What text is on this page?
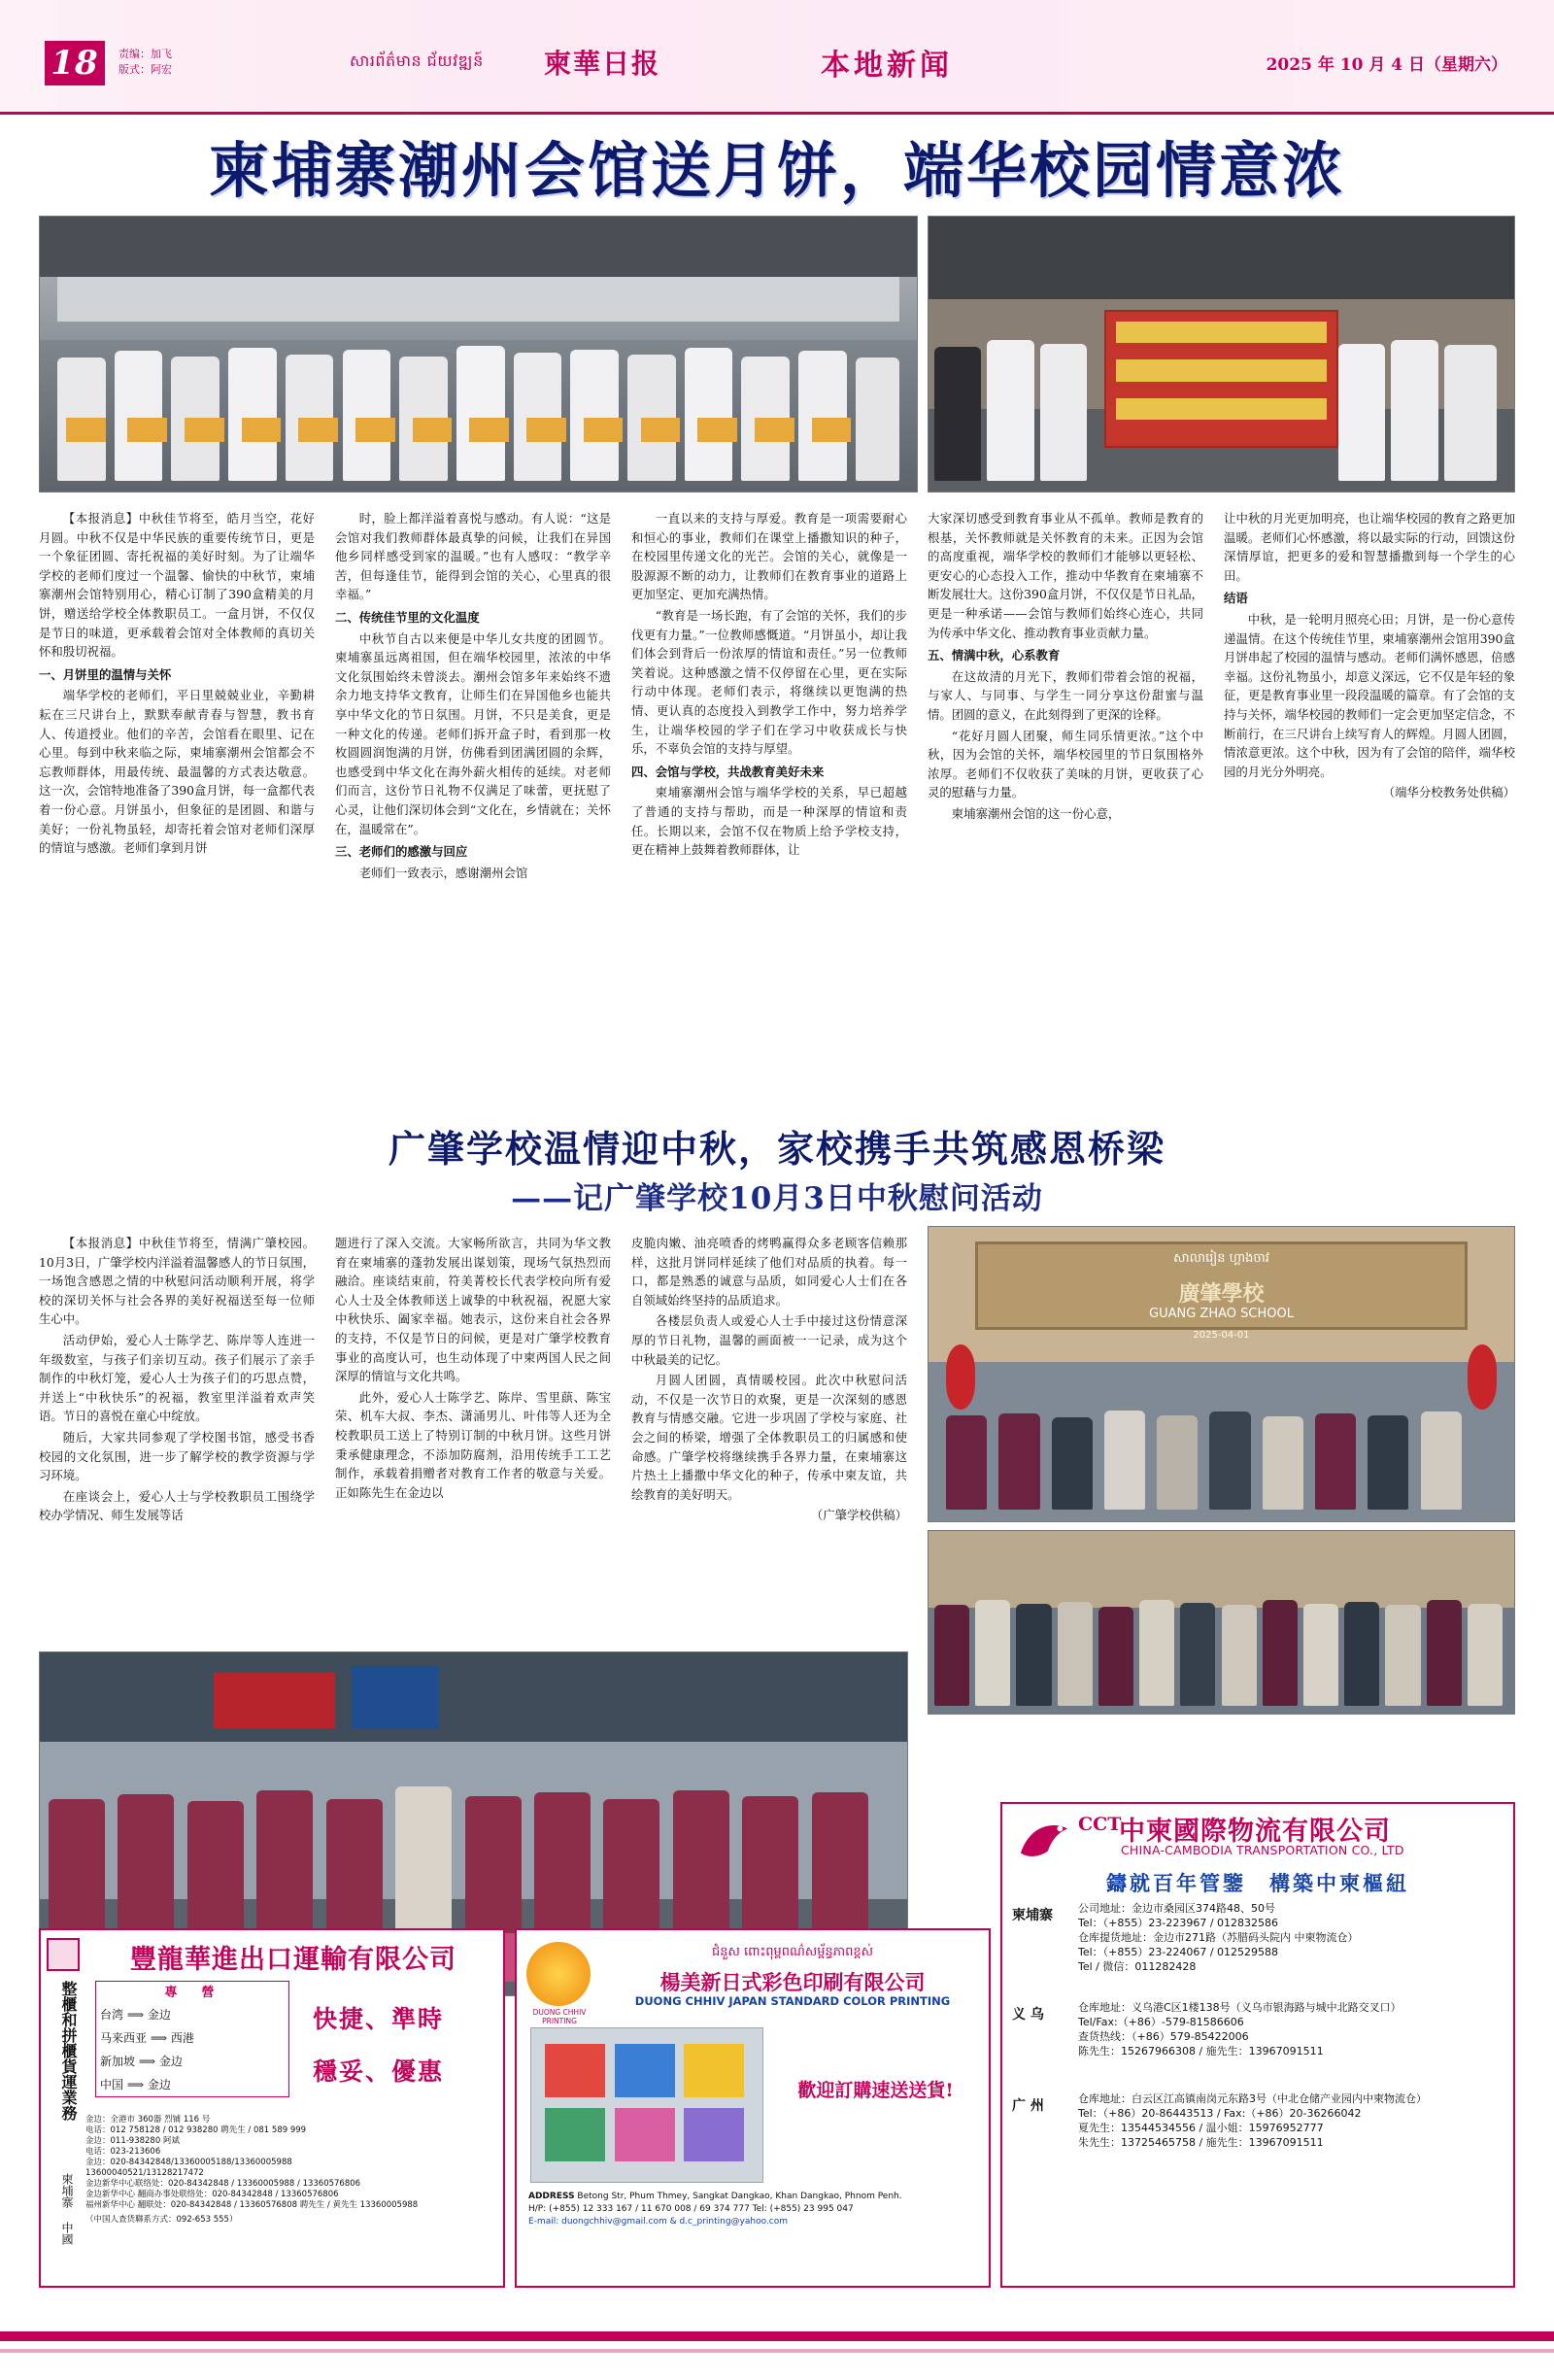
18	责编：加飞
版式：阿宏	សារព័ត៌មាន ជ័យវឌ្ឍន៍ 柬華日报	本地新闻	2025 年 10 月 4 日（星期六）
柬埔寨潮州会馆送月饼，端华校园情意浓

【本报消息】中秋佳节将至，皓月当空，花好月圆。中秋不仅是中华民族的重要传统节日，更是一个象征团圆、寄托祝福的美好时刻。为了让端华学校的老师们度过一个温馨、愉快的中秋节，柬埔寨潮州会馆特别用心，精心订制了390盒精美的月饼，赠送给学校全体教职员工。一盒月饼，不仅仅是节日的味道，更承载着会馆对全体教师的真切关怀和殷切祝福。

一、月饼里的温情与关怀

端华学校的老师们，平日里兢兢业业，辛勤耕耘在三尺讲台上，默默奉献青春与智慧，教书育人、传道授业。他们的辛苦，会馆看在眼里、记在心里。每到中秋来临之际，柬埔寨潮州会馆都会不忘教师群体，用最传统、最温馨的方式表达敬意。这一次，会馆特地准备了390盒月饼，每一盒都代表着一份心意。月饼虽小，但象征的是团圆、和谐与美好；一份礼物虽轻，却寄托着会馆对老师们深厚的情谊与感激。老师们拿到月饼

时，脸上都洋溢着喜悦与感动。有人说：“这是会馆对我们教师群体最真挚的问候，让我们在异国他乡同样感受到家的温暖。”也有人感叹：“教学辛苦，但每逢佳节，能得到会馆的关心，心里真的很幸福。”

二、传统佳节里的文化温度

中秋节自古以来便是中华儿女共度的团圆节。柬埔寨虽远离祖国，但在端华校园里，浓浓的中华文化氛围始终未曾淡去。潮州会馆多年来始终不遗余力地支持华文教育，让师生们在异国他乡也能共享中华文化的节日氛围。月饼，不只是美食，更是一种文化的传递。老师们拆开盒子时，看到那一枚枚圆圆润饱满的月饼，仿佛看到团满团圆的余辉，也感受到中华文化在海外薪火相传的延续。对老师们而言，这份节日礼物不仅满足了味蕾，更抚慰了心灵，让他们深切体会到“文化在，乡情就在；关怀在，温暖常在”。

三、老师们的感激与回应

老师们一致表示，感谢潮州会馆

一直以来的支持与厚爱。教育是一项需要耐心和恒心的事业，教师们在课堂上播撒知识的种子，在校园里传递文化的光芒。会馆的关心，就像是一股源源不断的动力，让教师们在教育事业的道路上更加坚定、更加充满热情。

“教育是一场长跑，有了会馆的关怀，我们的步伐更有力量。”一位教师感慨道。“月饼虽小，却让我们体会到背后一份浓厚的情谊和责任。”另一位教师笑着说。这种感激之情不仅停留在心里，更在实际行动中体现。老师们表示，将继续以更饱满的热情、更认真的态度投入到教学工作中，努力培养学生，让端华校园的学子们在学习中收获成长与快乐，不辜负会馆的支持与厚望。

四、会馆与学校，共战教育美好未来

柬埔寨潮州会馆与端华学校的关系，早已超越了普通的支持与帮助，而是一种深厚的情谊和责任。长期以来，会馆不仅在物质上给予学校支持，更在精神上鼓舞着教师群体，让

大家深切感受到教育事业从不孤单。教师是教育的根基，关怀教师就是关怀教育的未来。正因为会馆的高度重视，端华学校的教师们才能够以更轻松、更安心的心态投入工作，推动中华教育在柬埔寨不断发展壮大。这份390盒月饼，不仅仅是节日礼品，更是一种承诺——会馆与教师们始终心连心，共同为传承中华文化、推动教育事业贡献力量。

五、情满中秋，心系教育

在这故清的月光下，教师们带着会馆的祝福，与家人、与同事、与学生一同分享这份甜蜜与温情。团圆的意义，在此刻得到了更深的诠释。

“花好月圆人团聚，师生同乐情更浓。”这个中秋，因为会馆的关怀，端华校园里的节日氛围格外浓厚。老师们不仅收获了美味的月饼，更收获了心灵的慰藉与力量。

柬埔寨潮州会馆的这一份心意，

让中秋的月光更加明亮，也让端华校园的教育之路更加温暖。老师们心怀感激，将以最实际的行动，回馈这份深情厚谊，把更多的爱和智慧播撒到每一个学生的心田。

结语

中秋，是一轮明月照亮心田；月饼，是一份心意传递温情。在这个传统佳节里，柬埔寨潮州会馆用390盒月饼串起了校园的温情与感动。老师们满怀感恩，倍感幸福。这份礼物虽小，却意义深远，它不仅是年轻的象征，更是教育事业里一段段温暖的篇章。有了会馆的支持与关怀，端华校园的教师们一定会更加坚定信念，不断前行，在三尺讲台上续写育人的辉煌。月圆人团圆，情浓意更浓。这个中秋，因为有了会馆的陪伴，端华校园的月光分外明亮。

（端华分校教务处供稿）

广肇学校温情迎中秋，家校携手共筑感恩桥梁
——记广肇学校10月3日中秋慰问活动

【本报消息】中秋佳节将至，情满广肇校园。10月3日，广肇学校内洋溢着温馨感人的节日氛围，一场饱含感恩之情的中秋慰问活动顺利开展，将学校的深切关怀与社会各界的美好祝福送至每一位师生心中。

活动伊始，爱心人士陈学艺、陈岸等人连进一年级数室，与孩子们亲切互动。孩子们展示了亲手制作的中秋灯笼，爱心人士为孩子们的巧思点赞，并送上“中秋快乐”的祝福，教室里洋溢着欢声笑语。节日的喜悦在童心中绽放。

随后，大家共同参观了学校图书馆，感受书香校园的文化氛围，进一步了解学校的教学资源与学习环境。

在座谈会上，爱心人士与学校教职员工围绕学校办学情况、师生发展等话

题进行了深入交流。大家畅所欲言，共同为华文教育在柬埔寨的蓬勃发展出谋划策，现场气氛热烈而融洽。座谈结束前，符美菁校长代表学校向所有爱心人士及全体教师送上诚挚的中秋祝福，祝愿大家中秋快乐、阖家幸福。她表示，这份来自社会各界的支持，不仅是节日的问候，更是对广肇学校教育事业的高度认可，也生动体现了中柬两国人民之间深厚的情谊与文化共鸣。

此外，爱心人士陈学艺、陈岸、雪里蕻、陈宝荣、机车大叔、李杰、潇涌男儿、叶伟等人还为全校教职员工送上了特别订制的中秋月饼。这些月饼秉承健康理念，不添加防腐剂，沿用传统手工工艺制作，承载着捐赠者对教育工作者的敬意与关爱。正如陈先生在金边以

皮脆肉嫩、油亮喷香的烤鸭赢得众多老顾客信赖那样，这批月饼同样延续了他们对品质的执着。每一口，都是熟悉的诚意与品质，如同爱心人士们在各自领域始终坚持的品质追求。

各楼层负责人或爱心人士手中接过这份情意深厚的节日礼物，温馨的画面被一一记录，成为这个中秋最美的记忆。

月圆人团圆，真情暖校园。此次中秋慰问活动，不仅是一次节日的欢聚，更是一次深刻的感恩教育与情感交融。它进一步巩固了学校与家庭、社会之间的桥梁，增强了全体教职员工的归属感和使命感。广肇学校将继续携手各界力量，在柬埔寨这片热土上播撒中华文化的种子，传承中柬友谊，共绘教育的美好明天。

（广肇学校供稿）

សាលារៀន ហ្គាងចាវ
廣肇學校
GUANG ZHAO SCHOOL
2025-04-01
CCT
中柬國際物流有限公司
CHINA-CAMBODIA TRANSPORTATION CO., LTD
鑄就百年管鑒　構築中柬樞紐
柬埔寨	公司地址：金边市桑园区374路48、50号
Tel：（+855）23-223967 / 012832586
仓库提货地址：金边市271路（苏腊码头院内 中柬物流仓）
Tel：（+855）23-224067 / 012529588
Tel / 微信：011282428
义 乌	仓库地址：义乌港C区1楼138号（义乌市银海路与城中北路交叉口）
Tel/Fax:（+86）-579-81586606
查货热线：（+86）579-85422006
陈先生：15267966308 / 施先生：13967091511
广 州	仓库地址：白云区江高镇南岗元东路3号（中北仓储产业园内中柬物流仓）
Tel：（+86）20-86443513 / Fax:（+86）20-36266042
夏先生：13544534556 / 温小姐：15976952777
朱先生：13725465758 / 施先生：13967091511
整櫃和拼櫃貨運業務
柬埔寨 中國
豐龍華進出口運輸有限公司
專　營
台湾 ⟹ 金边
马来西亚 ⟹ 西港
新加坡 ⟹ 金边
中国 ⟹ 金边
快捷、準時
穩妥、優惠
金边：全港市 360器 烈铺 116 号
电话：012 758128 / 012 938280 聘先生 / 081 589 999
金边：011-938280 阿斌
电话：023-213606
金边：020-84342848/13360005188/13360005988
13600040521/13128217472
金边新华中心联络处：020-84342848 / 13360005988 / 13360576806
金边新华中心 翻商办事处联络处：020-84342848 / 13360576806
福州新华中心 翻联处：020-84342848 / 13360576808 聘先生 / 黄先生 13360005988
（中国人查货聯系方式：092-653 555）
ជំនួស ពោះពុម្ពពណ៌សម្ព័ន្ធភាពខ្ពស់
楊美新日式彩色印刷有限公司
DUONG CHHIV JAPAN STANDARD COLOR PRINTING
DUONG CHHIV PRINTING
歡迎訂購速送送貨!
ADDRESS Betong Str, Phum Thmey, Sangkat Dangkao, Khan Dangkao, Phnom Penh.
H/P: (+855) 12 333 167 / 11 670 008 / 69 374 777 Tel: (+855) 23 995 047
E-mail: duongchhiv@gmail.com & d.c_printing@yahoo.com
